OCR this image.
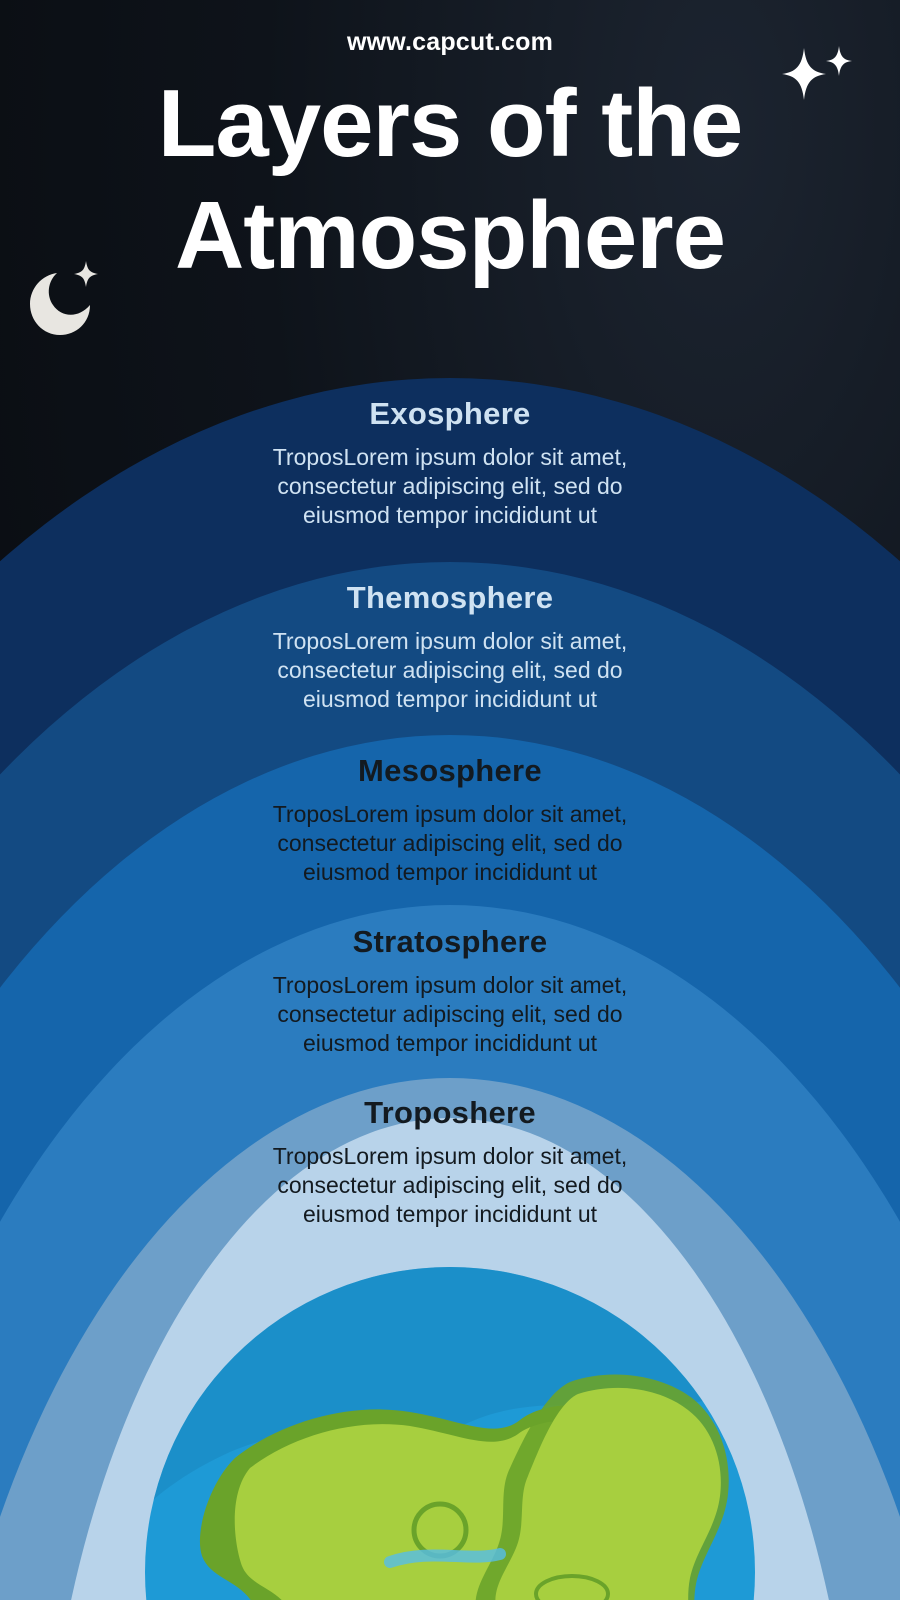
www.capcut.com
Layers of the
Atmosphere
Exosphere

TroposLorem ipsum dolor sit amet,
consectetur adipiscing elit, sed do
eiusmod tempor incididunt ut

Themosphere

TroposLorem ipsum dolor sit amet,
consectetur adipiscing elit, sed do
eiusmod tempor incididunt ut

Mesosphere

TroposLorem ipsum dolor sit amet,
consectetur adipiscing elit, sed do
eiusmod tempor incididunt ut

Stratosphere

TroposLorem ipsum dolor sit amet,
consectetur adipiscing elit, sed do
eiusmod tempor incididunt ut

Troposhere

TroposLorem ipsum dolor sit amet,
consectetur adipiscing elit, sed do
eiusmod tempor incididunt ut
